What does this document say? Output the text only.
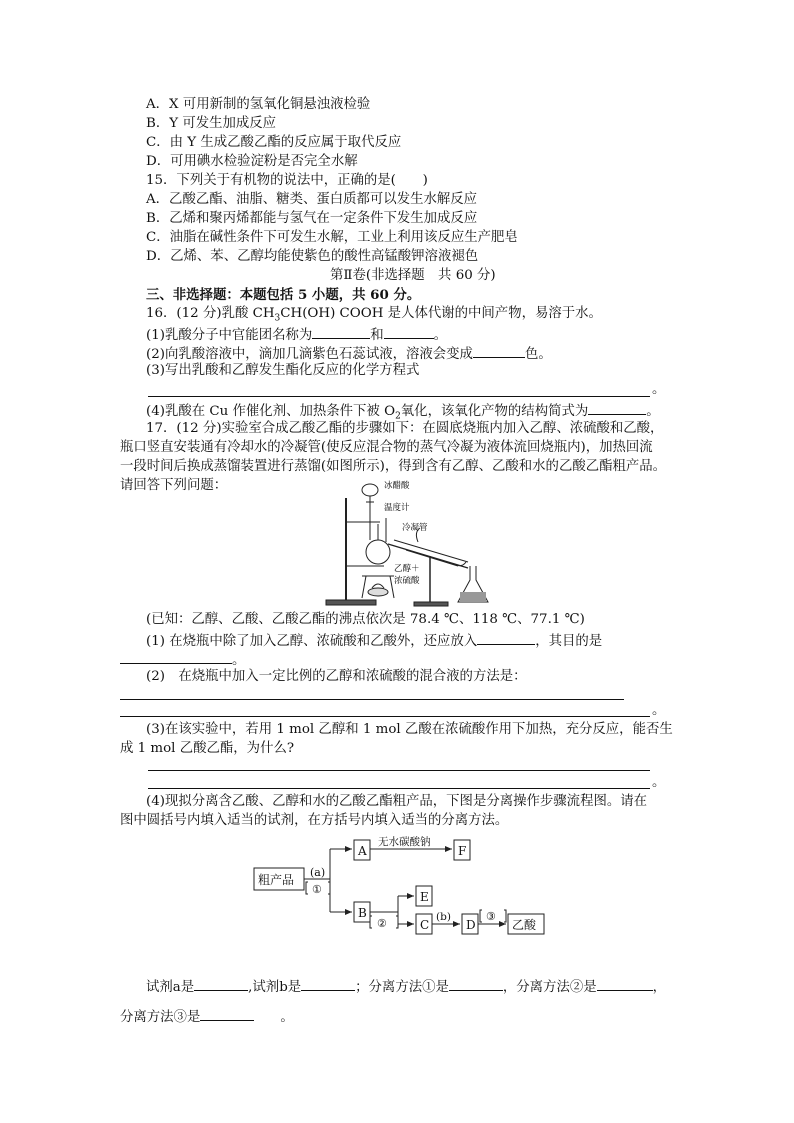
A．X 可用新制的氢氧化铜悬浊液检验
B．Y 可发生加成反应
C．由 Y 生成乙酸乙酯的反应属于取代反应
D．可用碘水检验淀粉是否完全水解
15．下列关于有机物的说法中，正确的是(　　)
A．乙酸乙酯、油脂、糖类、蛋白质都可以发生水解反应
B．乙烯和聚丙烯都能与氢气在一定条件下发生加成反应
C．油脂在碱性条件下可发生水解，工业上利用该反应生产肥皂
D．乙烯、苯、乙醇均能使紫色的酸性高锰酸钾溶液褪色
第Ⅱ卷(非选择题　共 60 分)
三、非选择题：本题包括 5 小题，共 60 分。
16．(12 分)乳酸 $CH_3CH(OH)$ COOH 是人体代谢的中间产物，易溶于水。
(1)乳酸分子中官能团名称为	和	。
(2)向乳酸溶液中，滴加几滴紫色石蕊试液，溶液会变成	色。
(3)写出乳酸和乙醇发生酯化反应的化学方程式
。
(4)乳酸在 Cu 作催化剂、加热条件下被 $O_2$氧化，该氧化产物的结构简式为	。
17．(12 分)实验室合成乙酸乙酯的步骤如下：在圆底烧瓶内加入乙醇、浓硫酸和乙酸，
瓶口竖直安装通有冷却水的冷凝管(使反应混合物的蒸气冷凝为液体流回烧瓶内)，加热回流
一段时间后换成蒸馏装置进行蒸馏(如图所示)，得到含有乙醇、乙酸和水的乙酸乙酯粗产品。
请回答下列问题：	冰醋酸
温度计
冷凝管
乙醇＋
浓硫酸
(已知：乙醇、乙酸、乙酸乙酯的沸点依次是 78.4 ℃、118 ℃、77.1 ℃)
(1) 在烧瓶中除了加入乙醇、浓硫酸和乙酸外，还应放入	，其目的是
。
(2)　在烧瓶中加入一定比例的乙醇和浓硫酸的混合液的方法是：
。
(3)在该实验中，若用 1 mol 乙醇和 1 mol 乙酸在浓硫酸作用下加热，充分反应，能否生
成 1 mol 乙酸乙酯，为什么?
。
(4)现拟分离含乙酸、乙醇和水的乙酸乙酯粗产品，下图是分离操作步骤流程图。请在
图中圆括号内填入适当的试剂，在方括号内填入适当的分离方法。
粗产品
(a)
①
A
无水碳酸钠
F
B
②
E
C
(b)
D
③
乙酸
试剂a是	,试剂b是	；分离方法①是	，分离方法②是	，
分离方法③是	。
